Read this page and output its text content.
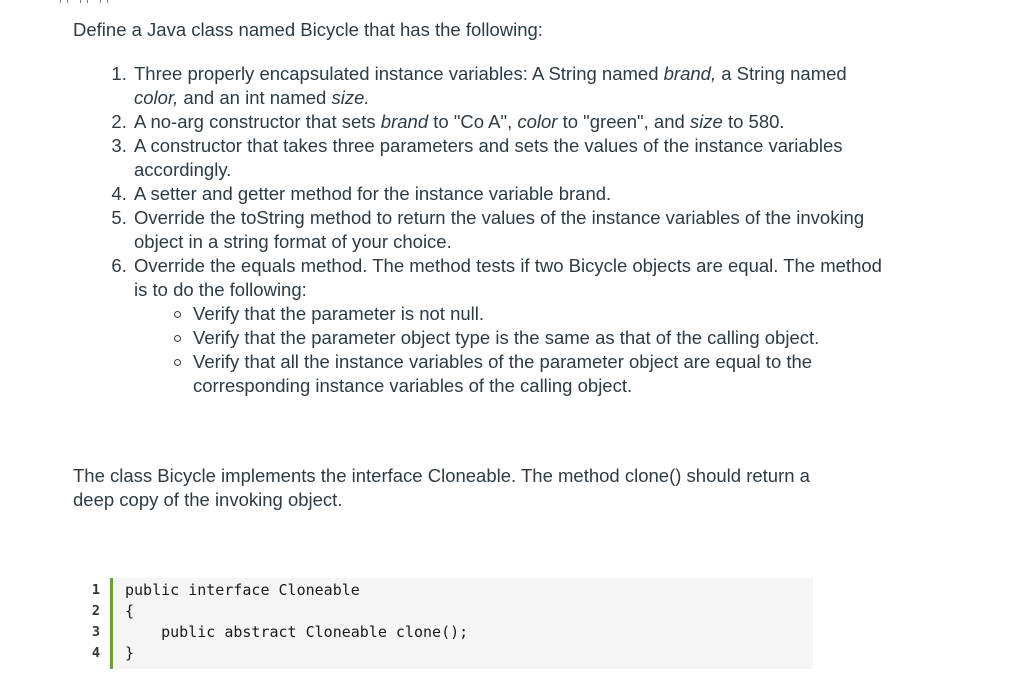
Define a Java class named Bicycle that has the following:
1. Three properly encapsulated instance variables: A String named brand, a String named color, and an int named size.
2. A no-arg constructor that sets brand to "Co A", color to "green", and size to 580.
3. A constructor that takes three parameters and sets the values of the instance variables accordingly.
4. A setter and getter method for the instance variable brand.
5. Override the toString method to return the values of the instance variables of the invoking object in a string format of your choice.
6. Override the equals method. The method tests if two Bicycle objects are equal. The method is to do the following:
Verify that the parameter is not null.
Verify that the parameter object type is the same as that of the calling object.
Verify that all the instance variables of the parameter object are equal to the corresponding instance variables of the calling object.
The class Bicycle implements the interface Cloneable. The method clone() should return a deep copy of the invoking object.
1 public interface Cloneable
2 {
3 public abstract Cloneable clone();
4 }
